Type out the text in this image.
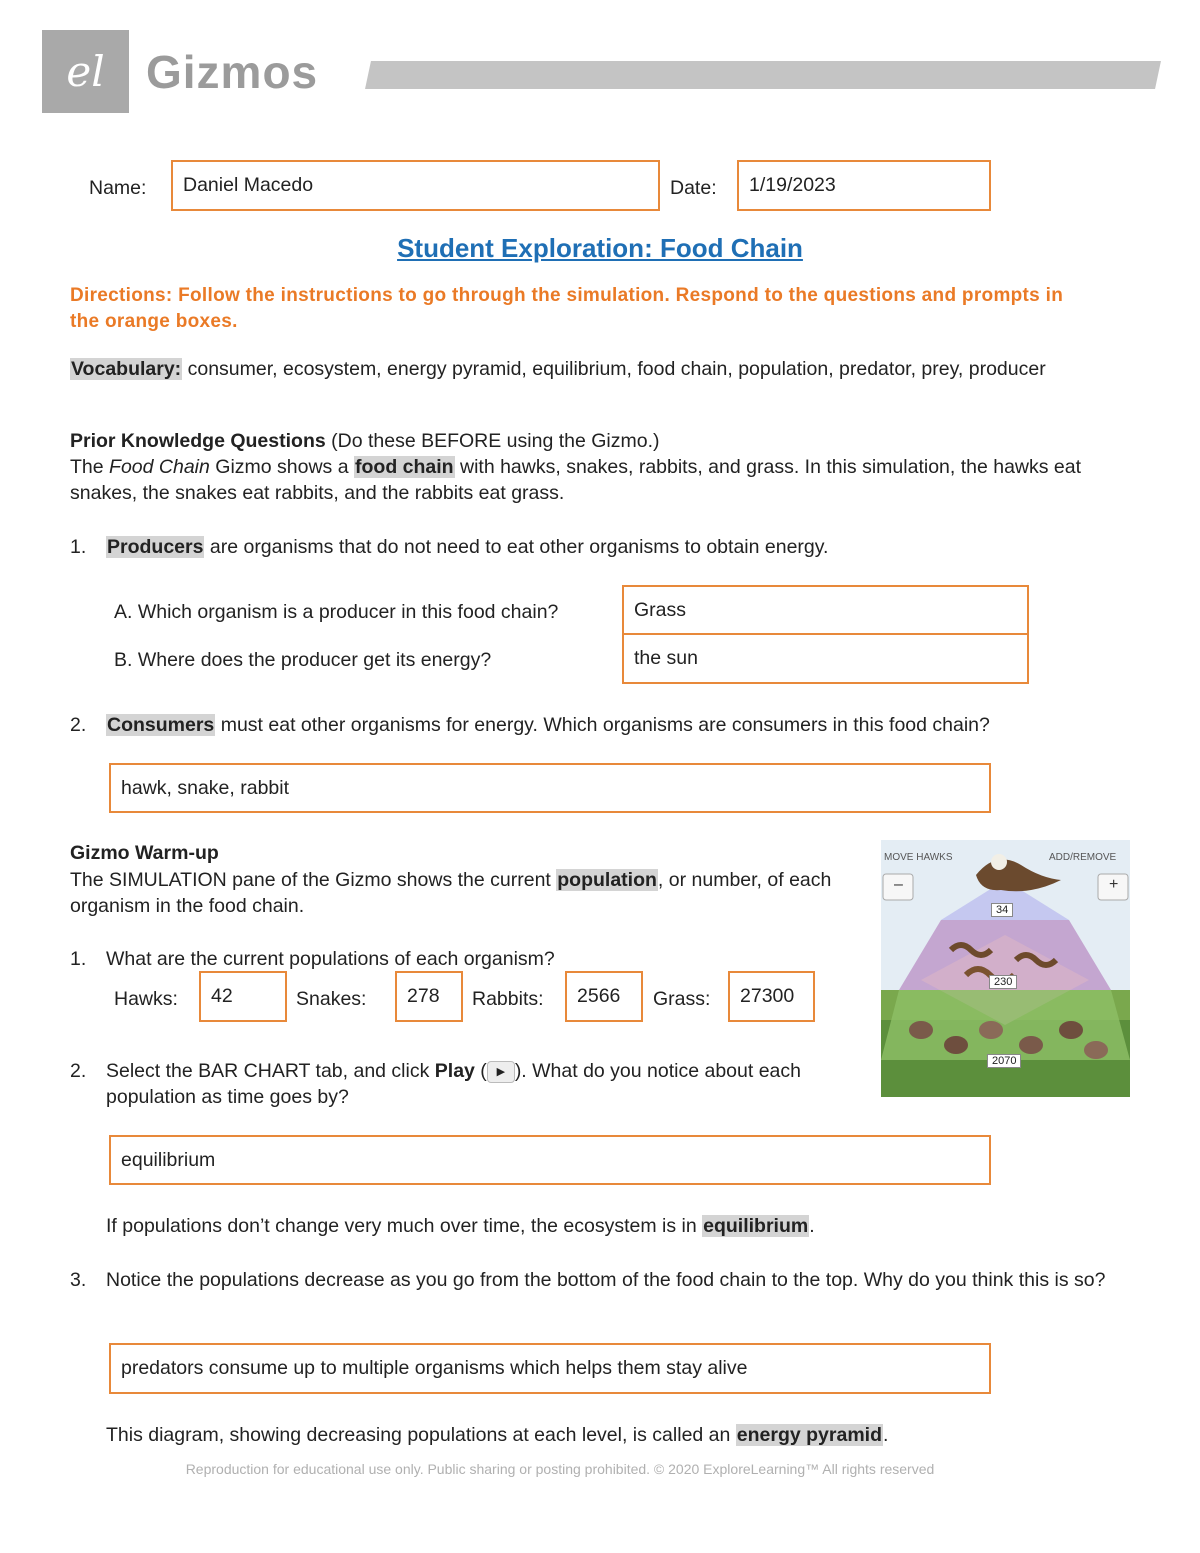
el Gizmos
Name:	Daniel Macedo	Date:	1/19/2023
Student Exploration: Food Chain
Directions: Follow the instructions to go through the simulation. Respond to the questions and prompts in the orange boxes.
Vocabulary: consumer, ecosystem, energy pyramid, equilibrium, food chain, population, predator, prey, producer
Prior Knowledge Questions (Do these BEFORE using the Gizmo.)
The Food Chain Gizmo shows a food chain with hawks, snakes, rabbits, and grass. In this simulation, the hawks eat snakes, the snakes eat rabbits, and the rabbits eat grass.
1. Producers are organisms that do not need to eat other organisms to obtain energy.
A. Which organism is a producer in this food chain?	Grass
B. Where does the producer get its energy?	the sun
2. Consumers must eat other organisms for energy. Which organisms are consumers in this food chain?
hawk, snake, rabbit
Gizmo Warm-up
The SIMULATION pane of the Gizmo shows the current population, or number, of each organism in the food chain.
1. What are the current populations of each organism?
Hawks:	42	Snakes:	278	Rabbits:	2566	Grass:	27300
MOVE HAWKS	ADD/REMOVE
–	+
34
230
2070
2. Select the BAR CHART tab, and click Play ( ▶ ). What do you notice about each population as time goes by?
equilibrium
If populations don’t change very much over time, the ecosystem is in equilibrium.
3. Notice the populations decrease as you go from the bottom of the food chain to the top. Why do you think this is so?
predators consume up to multiple organisms which helps them stay alive
This diagram, showing decreasing populations at each level, is called an energy pyramid.
Reproduction for educational use only. Public sharing or posting prohibited. © 2020 ExploreLearning™ All rights reserved
